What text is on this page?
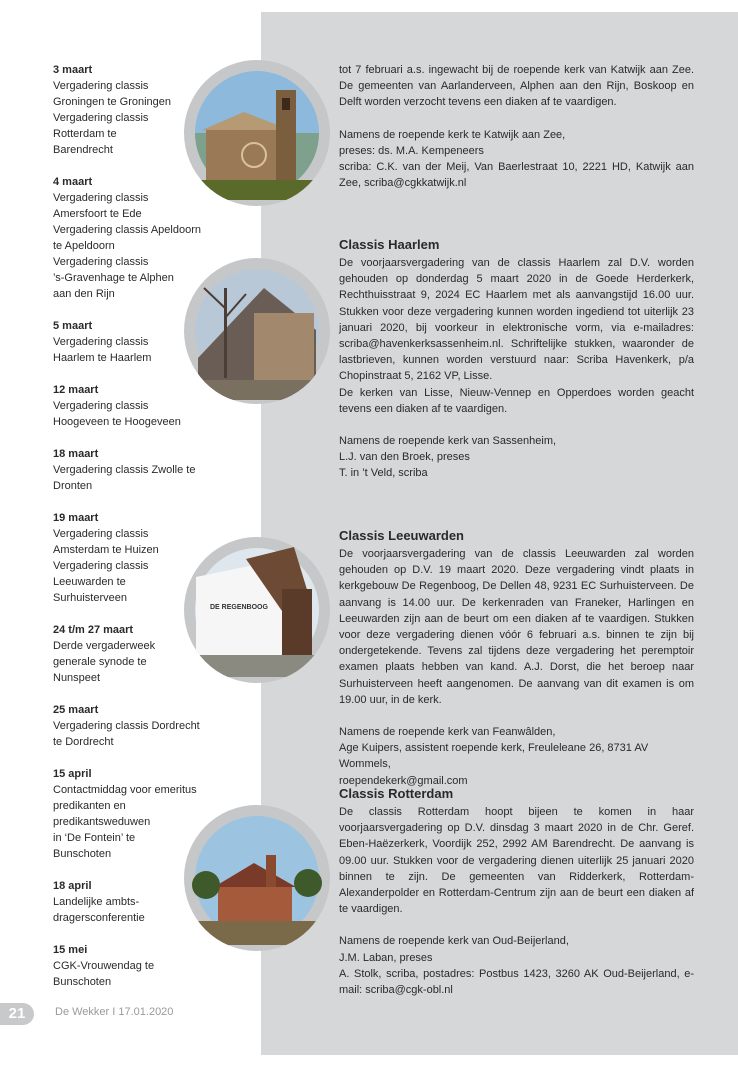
3 maart
Vergadering classis
Groningen te Groningen
Vergadering classis
Rotterdam te
Barendrecht
4 maart
Vergadering classis
Amersfoort te Ede
Vergadering classis Apeldoorn
te Apeldoorn
Vergadering classis
’s-Gravenhage te Alphen
aan den Rijn
5 maart
Vergadering classis
Haarlem te Haarlem
12 maart
Vergadering classis
Hoogeveen te Hoogeveen
18 maart
Vergadering classis Zwolle te
Dronten
19 maart
Vergadering classis
Amsterdam te Huizen
Vergadering classis
Leeuwarden te
Surhuisterveen
24 t/m 27 maart
Derde vergaderweek
generale synode te
Nunspeet
25 maart
Vergadering classis Dordrecht
te Dordrecht
15 april
Contactmiddag voor emeritus
predikanten en
predikantsweduwen
in ‘De Fontein’ te
Bunschoten
18 april
Landelijke ambts-
dragersconferentie
15 mei
CGK-Vrouwendag te
Bunschoten

tot 7 februari a.s. ingewacht bij de roepende kerk van Katwijk aan Zee. De gemeenten van Aarlanderveen, Alphen aan den Rijn, Boskoop en Delft worden verzocht tevens een diaken af te vaardigen.

Namens de roepende kerk te Katwijk aan Zee,

preses: ds. M.A. Kempeneers

scriba: C.K. van der Meij, Van Baerlestraat 10, 2221 HD, Katwijk aan Zee, scriba@cgkkatwijk.nl

Classis Haarlem

De voorjaarsvergadering van de classis Haarlem zal D.V. worden gehouden op donderdag 5 maart 2020 in de Goede Herderkerk, Rechthuisstraat 9, 2024 EC Haarlem met als aanvangstijd 16.00 uur. Stukken voor deze vergadering kunnen worden ingediend tot uiterlijk 23 januari 2020, bij voorkeur in elektronische vorm, via e-mailadres: scriba@havenkerksassenheim.nl. Schriftelijke stukken, waaronder de lastbrieven, kunnen worden verstuurd naar: Scriba Havenkerk, p/a Chopinstraat 5, 2162 VP, Lisse.

De kerken van Lisse, Nieuw-Vennep en Opperdoes worden geacht tevens een diaken af te vaardigen.

Namens de roepende kerk van Sassenheim,

L.J. van den Broek, preses

T. in ’t Veld, scriba

Classis Leeuwarden

De voorjaarsvergadering van de classis Leeuwarden zal worden gehouden op D.V. 19 maart 2020. Deze vergadering vindt plaats in kerkgebouw De Regenboog, De Dellen 48, 9231 EC Surhuisterveen. De aanvang is 14.00 uur. De kerkenraden van Franeker, Harlingen en Leeuwarden zijn aan de beurt om een diaken af te vaardigen. Stukken voor deze vergadering dienen vóór 6 februari a.s. binnen te zijn bij ondergetekende. Tevens zal tijdens deze vergadering het peremptoir examen plaats hebben van kand. A.J. Dorst, die het beroep naar Surhuisterveen heeft aangenomen. De aanvang van dit examen is om 19.00 uur, in de kerk.

Namens de roepende kerk van Feanwâlden,

Age Kuipers, assistent roepende kerk, Freuleleane 26, 8731 AV Wommels,

roependekerk@gmail.com

Classis Rotterdam

De classis Rotterdam hoopt bijeen te komen in haar voorjaarsvergadering op D.V. dinsdag 3 maart 2020 in de Chr. Geref. Eben-Haëzerkerk, Voordijk 252, 2992 AM Barendrecht. De aanvang is 09.00 uur. Stukken voor de vergadering dienen uiterlijk 25 januari 2020 binnen te zijn. De gemeenten van Ridderkerk, Rotterdam-Alexanderpolder en Rotterdam-Centrum zijn aan de beurt een diaken af te vaardigen.

Namens de roepende kerk van Oud-Beijerland,

J.M. Laban, preses

A. Stolk, scriba, postadres: Postbus 1423, 3260 AK Oud-Beijerland, e-mail: scriba@cgk-obl.nl

DE REGENBOOG
21	De Wekker I 17.01.2020
